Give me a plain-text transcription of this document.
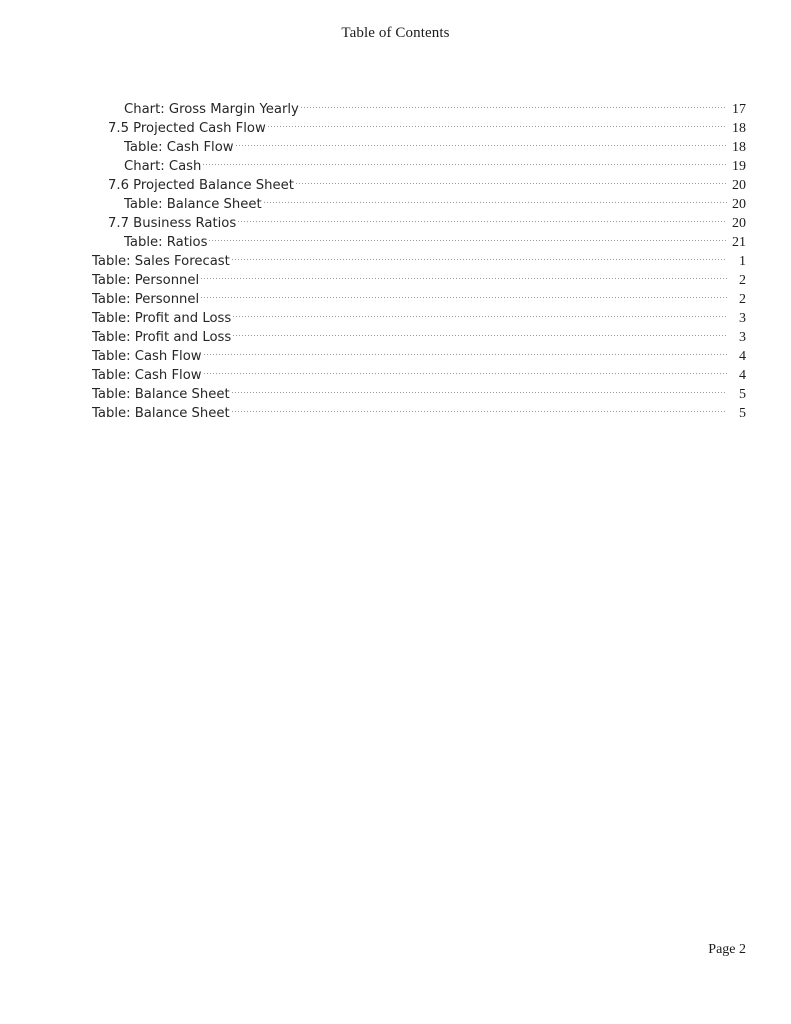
Table of Contents
Chart: Gross Margin Yearly	17
7.5 Projected Cash Flow	18
Table: Cash Flow	18
Chart: Cash	19
7.6 Projected Balance Sheet	20
Table: Balance Sheet	20
7.7 Business Ratios	20
Table: Ratios	21
Table: Sales Forecast	1
Table: Personnel	2
Table: Personnel	2
Table: Profit and Loss	3
Table: Profit and Loss	3
Table: Cash Flow	4
Table: Cash Flow	4
Table: Balance Sheet	5
Table: Balance Sheet	5
Page 2
